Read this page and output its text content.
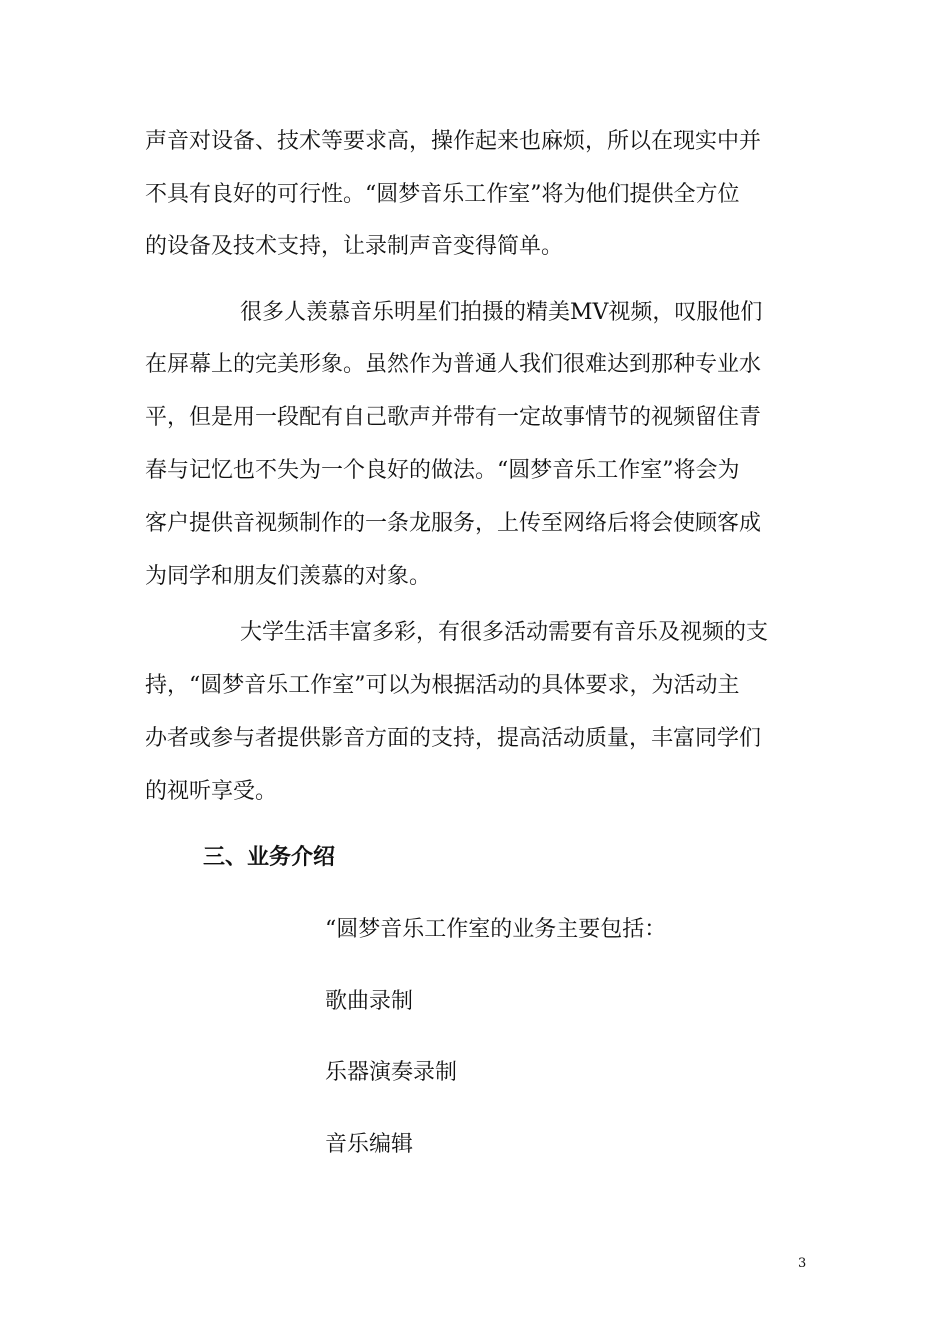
声音对设备、技术等要求高，操作起来也麻烦，所以在现实中并
不具有良好的可行性。“圆梦音乐工作室”将为他们提供全方位
的设备及技术支持，让录制声音变得简单。
很多人羡慕音乐明星们拍摄的精美MV视频，叹服他们
在屏幕上的完美形象。虽然作为普通人我们很难达到那种专业水
平，但是用一段配有自己歌声并带有一定故事情节的视频留住青
春与记忆也不失为一个良好的做法。“圆梦音乐工作室”将会为
客户提供音视频制作的一条龙服务，上传至网络后将会使顾客成
为同学和朋友们羡慕的对象。
大学生活丰富多彩，有很多活动需要有音乐及视频的支
持，“圆梦音乐工作室”可以为根据活动的具体要求，为活动主
办者或参与者提供影音方面的支持，提高活动质量，丰富同学们
的视听享受。
三、业务介绍
“圆梦音乐工作室的业务主要包括：
歌曲录制
乐器演奏录制
音乐编辑
3
